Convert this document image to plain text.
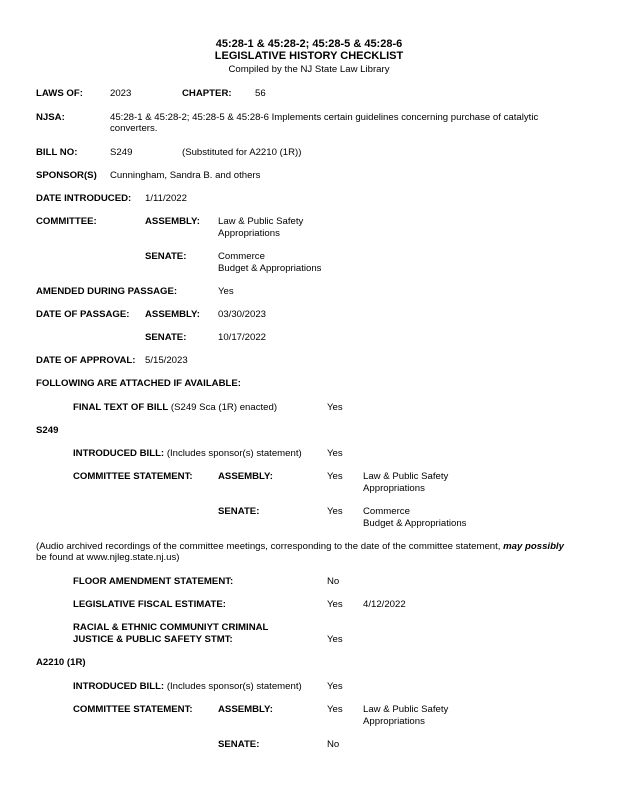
45:28-1 & 45:28-2; 45:28-5 & 45:28-6
LEGISLATIVE HISTORY CHECKLIST
Compiled by the NJ State Law Library
LAWS OF:	2023	CHAPTER: 56
NJSA:	45:28-1 & 45:28-2; 45:28-5 & 45:28-6 Implements certain guidelines concerning purchase of catalytic
converters.
BILL NO:	S249	(Substituted for A2210 (1R))
SPONSOR(S) Cunningham, Sandra B. and others
DATE INTRODUCED: 1/11/2022
COMMITTEE:	ASSEMBLY: Law & Public Safety
Appropriations
SENATE:	Commerce
Budget & Appropriations
AMENDED DURING PASSAGE:	Yes
DATE OF PASSAGE: ASSEMBLY: 03/30/2023
SENATE:	10/17/2022
DATE OF APPROVAL: 5/15/2023
FOLLOWING ARE ATTACHED IF AVAILABLE:
FINAL TEXT OF BILL (S249 Sca (1R) enacted)	Yes
S249
INTRODUCED BILL: (Includes sponsor(s) statement)	Yes
COMMITTEE STATEMENT:	ASSEMBLY:	Yes Law & Public Safety
Appropriations
SENATE:	Yes Commerce
Budget & Appropriations
(Audio archived recordings of the committee meetings, corresponding to the date of the committee statement, may possibly
be found at www.njleg.state.nj.us)
FLOOR AMENDMENT STATEMENT:	No
LEGISLATIVE FISCAL ESTIMATE:	Yes 4/12/2022
RACIAL & ETHNIC COMMUNIYT CRIMINAL
JUSTICE & PUBLIC SAFETY STMT:	Yes
A2210 (1R)
INTRODUCED BILL: (Includes sponsor(s) statement)	Yes
COMMITTEE STATEMENT:	ASSEMBLY:	Yes Law & Public Safety
Appropriations
SENATE:	No
